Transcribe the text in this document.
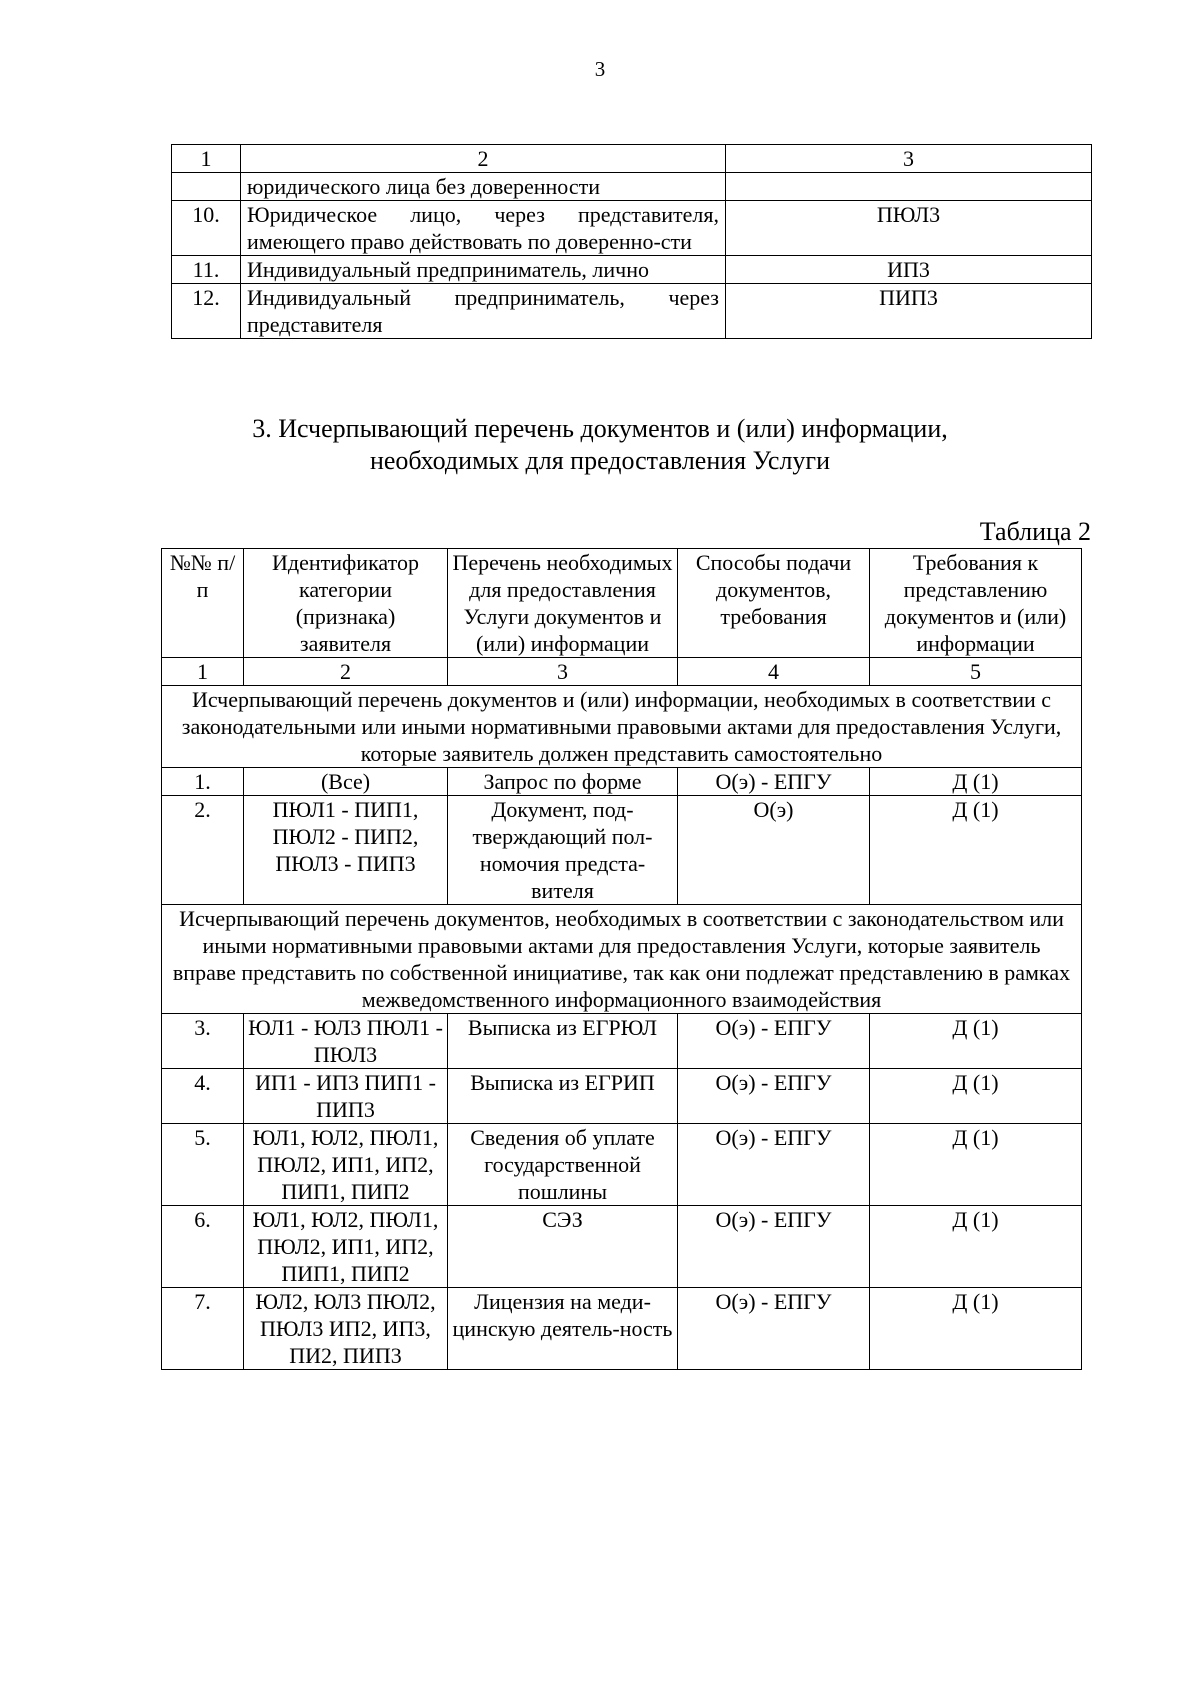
3
1	2	3
	юридического лица без доверенности	
10.	Юридическое лицо, через представителя, имеющего право действовать по доверенно-сти	ПЮЛ3
11.	Индивидуальный предприниматель, лично	ИП3
12.	Индивидуальный предприниматель, через представителя	ПИП3
3. Исчерпывающий перечень документов и (или) информации,
необходимых для предоставления Услуги
Таблица 2
№№ п/п	Идентификатор категории (признака) заявителя	Перечень необходимых для предоставления Услуги документов и (или) информации	Способы подачи документов, требования	Требования к представлению документов и (или) информации
1	2	3	4	5
Исчерпывающий перечень документов и (или) информации, необходимых в соответствии с законодательными или иными нормативными правовыми актами для предоставления Услуги, которые заявитель должен представить самостоятельно				
1.	(Все)	Запрос по форме	О(э) - ЕПГУ	Д (1)
2.	ПЮЛ1 - ПИП1, ПЮЛ2 - ПИП2, ПЮЛ3 - ПИП3	Документ, под-тверждающий пол-номочия предста-вителя	О(э)	Д (1)
Исчерпывающий перечень документов, необходимых в соответствии с законодательством или иными нормативными правовыми актами для предоставления Услуги, которые заявитель вправе представить по собственной инициативе, так как они подлежат представлению в рамках межведомственного информационного взаимодействия				
3.	ЮЛ1 - ЮЛ3 ПЮЛ1 - ПЮЛ3	Выписка из ЕГРЮЛ	О(э) - ЕПГУ	Д (1)
4.	ИП1 - ИП3 ПИП1 - ПИП3	Выписка из ЕГРИП	О(э) - ЕПГУ	Д (1)
5.	ЮЛ1, ЮЛ2, ПЮЛ1, ПЮЛ2, ИП1, ИП2, ПИП1, ПИП2	Сведения об уплате государственной пошлины	О(э) - ЕПГУ	Д (1)
6.	ЮЛ1, ЮЛ2, ПЮЛ1, ПЮЛ2, ИП1, ИП2, ПИП1, ПИП2	СЭЗ	О(э) - ЕПГУ	Д (1)
7.	ЮЛ2, ЮЛ3 ПЮЛ2, ПЮЛ3 ИП2, ИП3, ПИ2, ПИП3	Лицензия на меди-цинскую деятель-ность	О(э) - ЕПГУ	Д (1)
